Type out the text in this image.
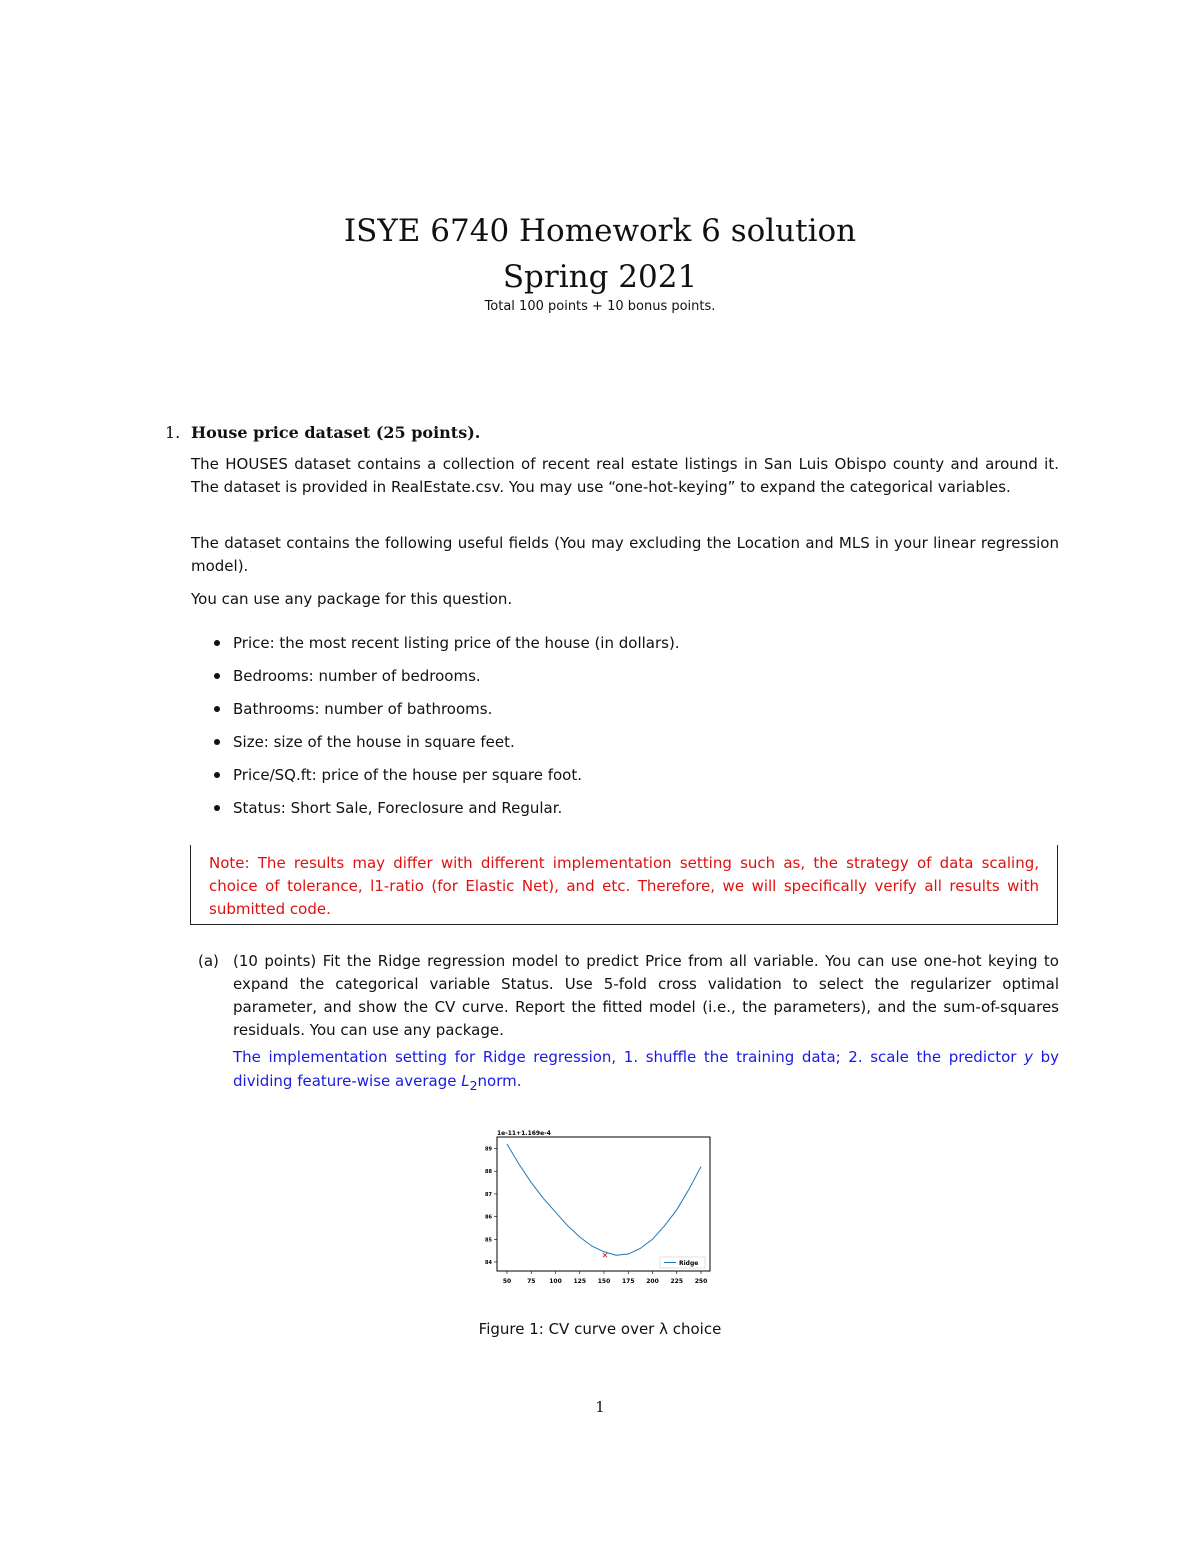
ISYE 6740 Homework 6 solution
Spring 2021
Total 100 points + 10 bonus points.
1. House price dataset (25 points).
The HOUSES dataset contains a collection of recent real estate listings in San Luis Obispo county and around it. The dataset is provided in RealEstate.csv. You may use “one-hot-keying” to expand the categorical variables.
The dataset contains the following useful fields (You may excluding the Location and MLS in your linear regression model).
You can use any package for this question.
Price: the most recent listing price of the house (in dollars).
Bedrooms: number of bedrooms.
Bathrooms: number of bathrooms.
Size: size of the house in square feet.
Price/SQ.ft: price of the house per square foot.
Status: Short Sale, Foreclosure and Regular.
Note: The results may differ with different implementation setting such as, the strategy of data scaling, choice of tolerance, l1-ratio (for Elastic Net), and etc. Therefore, we will specifically verify all results with submitted code.
(a) (10 points) Fit the Ridge regression model to predict Price from all variable. You can use one-hot keying to expand the categorical variable Status. Use 5-fold cross validation to select the regularizer optimal parameter, and show the CV curve. Report the fitted model (i.e., the parameters), and the sum-of-squares residuals. You can use any package.
The implementation setting for Ridge regression, 1. shuffle the training data; 2. scale the predictor y by dividing feature-wise average $L_2norm$.
1e-11+1.169e-4
84
85
86
87
88
89
50	75 100 125 150 175 200 225 250
Ridge
Figure 1: CV curve over λ choice
1
